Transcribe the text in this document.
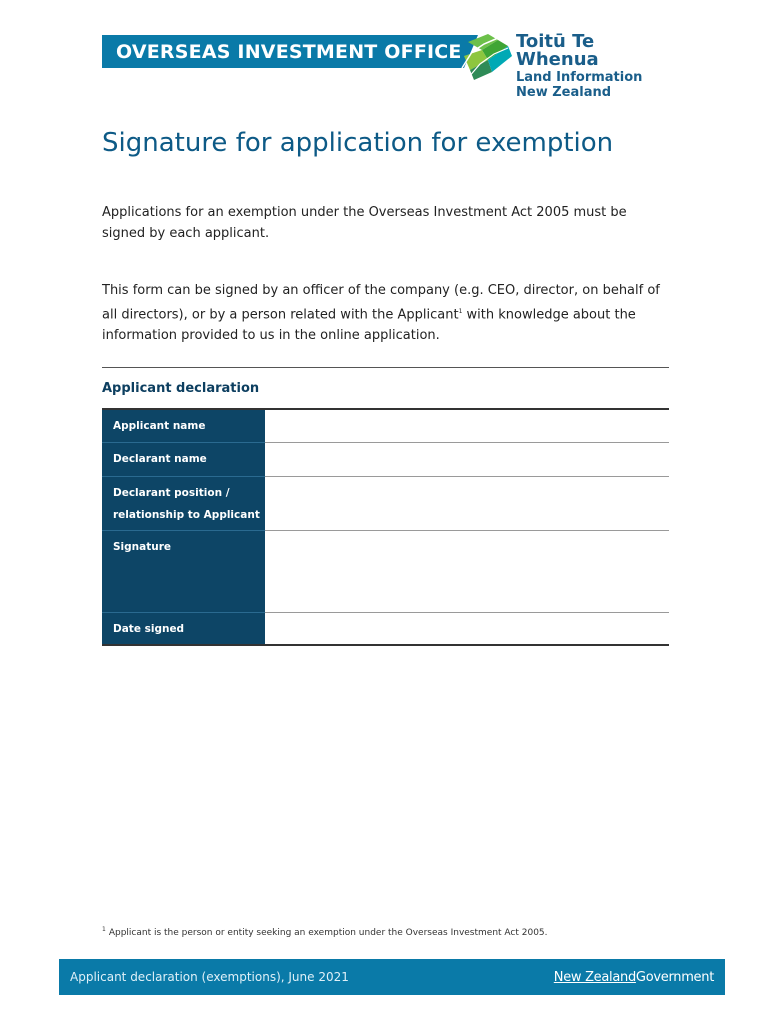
OVERSEAS INVESTMENT OFFICE	Toitū Te Whenua
Land Information
New Zealand
Signature for application for exemption

Applications for an exemption under the Overseas Investment Act 2005 must be signed by each applicant.

This form can be signed by an officer of the company (e.g. CEO, director, on behalf of all directors), or by a person related with the Applicant$^1$ with knowledge about the information provided to us in the online application.

Applicant declaration
Applicant name
Declarant name
Declarant position / relationship to Applicant
Signature
Date signed

$^1$ Applicant is the person or entity seeking an exemption under the Overseas Investment Act 2005.

Applicant declaration (exemptions), June 2021	New ZealandGovernment
